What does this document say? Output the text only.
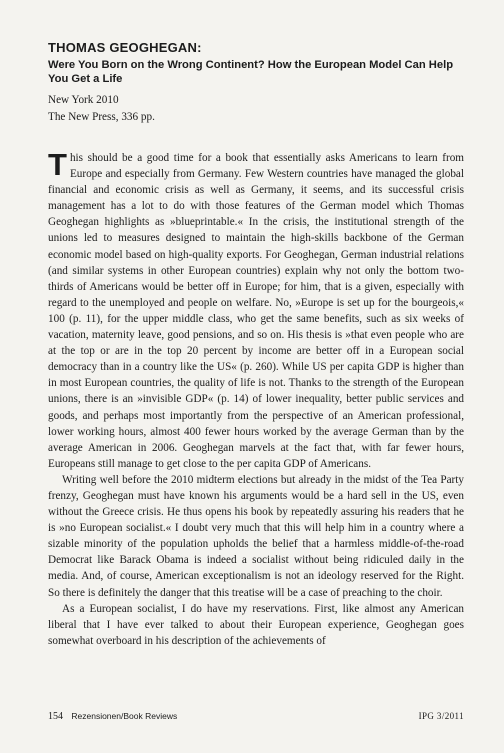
THOMAS GEOGHEGAN:
Were You Born on the Wrong Continent? How the European Model Can Help You Get a Life
New York 2010
The New Press, 336 pp.

This should be a good time for a book that essentially asks Americans to learn from Europe and especially from Germany. Few Western countries have managed the global financial and economic crisis as well as Germany, it seems, and its successful crisis management has a lot to do with those features of the German model which Thomas Geoghegan highlights as »blueprintable.« In the crisis, the institutional strength of the unions led to measures designed to maintain the high-skills backbone of the German economic model based on high-quality exports. For Geoghegan, German industrial relations (and similar systems in other European countries) explain why not only the bottom two-thirds of Americans would be better off in Europe; for him, that is a given, especially with regard to the unemployed and people on welfare. No, »Europe is set up for the bourgeois,« 100 (p. 11), for the upper middle class, who get the same benefits, such as six weeks of vacation, maternity leave, good pensions, and so on. His thesis is »that even people who are at the top or are in the top 20 percent by income are better off in a European social democracy than in a country like the US« (p. 260). While US per capita GDP is higher than in most European countries, the quality of life is not. Thanks to the strength of the European unions, there is an »invisible GDP« (p. 14) of lower inequality, better public services and goods, and perhaps most importantly from the perspective of an American professional, lower working hours, almost 400 fewer hours worked by the average German than by the average American in 2006. Geoghegan marvels at the fact that, with far fewer hours, Europeans still manage to get close to the per capita GDP of Americans.

Writing well before the 2010 midterm elections but already in the midst of the Tea Party frenzy, Geoghegan must have known his arguments would be a hard sell in the US, even without the Greece crisis. He thus opens his book by repeatedly assuring his readers that he is »no European socialist.« I doubt very much that this will help him in a country where a sizable minority of the population upholds the belief that a harmless middle-of-the-road Democrat like Barack Obama is indeed a socialist without being ridiculed daily in the media. And, of course, American exceptionalism is not an ideology reserved for the Right. So there is definitely the danger that this treatise will be a case of preaching to the choir.

As a European socialist, I do have my reservations. First, like almost any American liberal that I have ever talked to about their European experience, Geoghegan goes somewhat overboard in his description of the achievements of

154 Rezensionen/Book Reviews	IPG 3/2011
